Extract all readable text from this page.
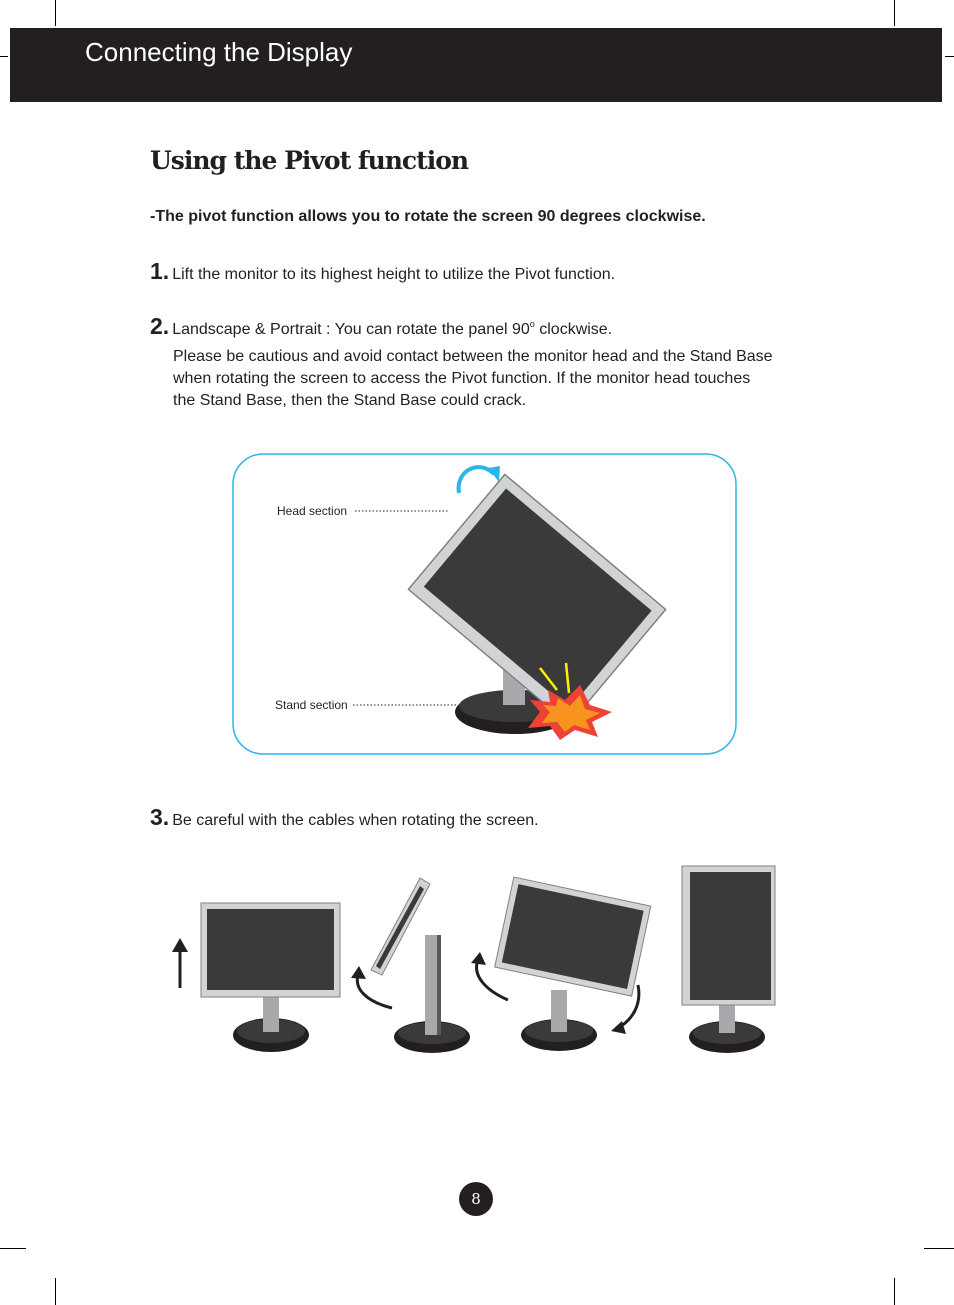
Connecting the Display
Using the Pivot function
-The pivot function allows you to rotate the screen 90 degrees clockwise.
1. Lift the monitor to its highest height to utilize the Pivot function.
2. Landscape & Portrait : You can rotate the panel 90$^o$ clockwise.
Please be cautious and avoid contact between the monitor head and the Stand Base when rotating the screen to access the Pivot function. If the monitor head touches the Stand Base, then the Stand Base could crack.
Head section
Stand section
3. Be careful with the cables when rotating the screen.
8
